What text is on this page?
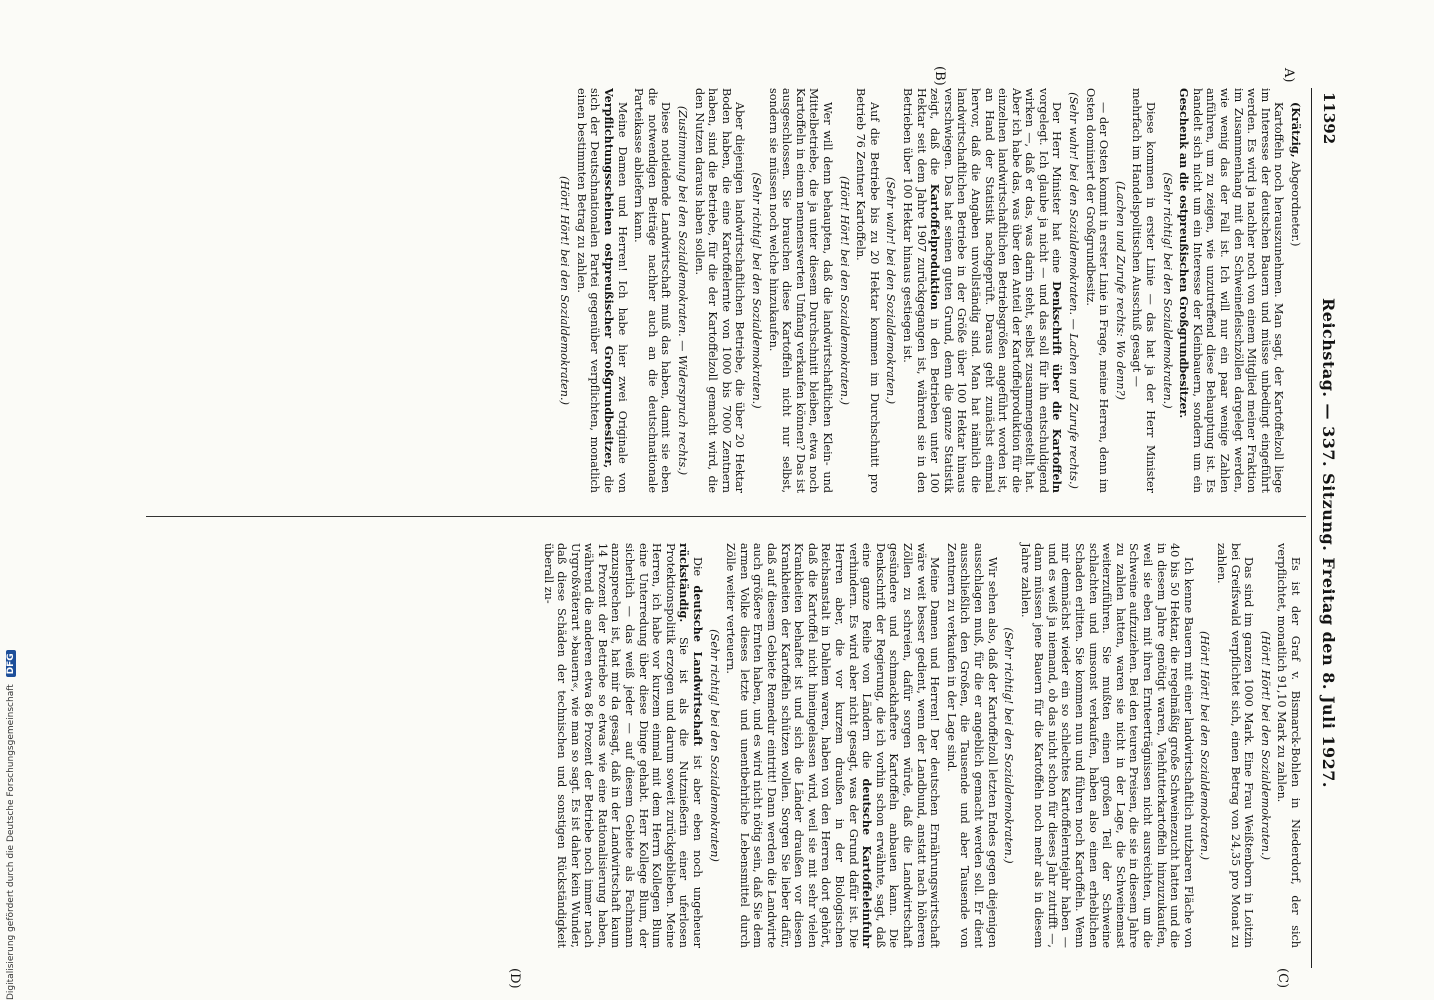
11392
Reichstag. — 337. Sitzung. Freitag den 8. Juli 1927.
A)
(B)
(C)
(D)

(Krätzig, Abgeordneter.)

Kartoffeln noch herauszunehmen. Man sagt, der Kartoffelzoll liege im Interesse der deutschen Bauern und müsse unbedingt eingeführt werden. Es wird ja nachher noch von einem Mitglied meiner Fraktion im Zusammenhang mit den Schweinefleischzöllen dargelegt werden, wie wenig das der Fall ist. Ich will nur ein paar wenige Zahlen anführen, um zu zeigen, wie unzutreffend diese Behauptung ist. Es handelt sich nicht um ein Interesse der Kleinbauern, sondern um ein Geschenk an die ostpreußischen Großgrundbesitzer.

(Sehr richtig! bei den Sozialdemokraten.)

Diese kommen in erster Linie — das hat ja der Herr Minister mehrfach im Handelspolitischen Ausschuß gesagt —

(Lachen und Zurufe rechts: Wo denn?)

— der Osten kommt in erster Linie in Frage, meine Herren, denn im Osten dominiert der Großgrundbesitz.

(Sehr wahr! bei den Sozialdemokraten. — Lachen und Zurufe rechts.)

Der Herr Minister hat eine Denkschrift über die Kartoffeln vorgelegt. Ich glaube ja nicht — und das soll für ihn entschuldigend wirken —, daß er das, was darin steht, selbst zusammengestellt hat. Aber ich habe das, was über den Anteil der Kartoffelproduktion für die einzelnen landwirtschaftlichen Betriebsgrößen angeführt worden ist, an Hand der Statistik nachgeprüft. Daraus geht zunächst einmal hervor, daß die Angaben unvollständig sind. Man hat nämlich die landwirtschaftlichen Betriebe in der Größe über 100 Hektar hinaus verschwiegen. Das hat seinen guten Grund, denn die ganze Statistik zeigt, daß die Kartoffelproduktion in den Betrieben unter 100 Hektar seit dem Jahre 1907 zurückgegangen ist, während sie in den Betrieben über 100 Hektar hinaus gestiegen ist.

(Sehr wahr! bei den Sozialdemokraten.)

Auf die Betriebe bis zu 20 Hektar kommen im Durchschnitt pro Betrieb 76 Zentner Kartoffeln.

(Hört! Hört! bei den Sozialdemokraten.)

Wer will denn behaupten, daß die landwirtschaftlichen Klein- und Mittelbetriebe, die ja unter diesem Durchschnitt bleiben, etwa noch Kartoffeln in einem nennenswerten Umfang verkaufen können? Das ist ausgeschlossen. Sie brauchen diese Kartoffeln nicht nur selbst, sondern sie müssen noch welche hinzukaufen.

(Sehr richtig! bei den Sozialdemokraten.)

Aber diejenigen landwirtschaftlichen Betriebe, die über 20 Hektar Boden haben, die eine Kartoffelernte von 1000 bis 7000 Zentnern haben, sind die Betriebe, für die der Kartoffelzoll gemacht wird, die den Nutzen daraus haben sollen.

(Zustimmung bei den Sozialdemokraten. — Widerspruch rechts.)

Diese notleidende Landwirtschaft muß das haben, damit sie eben die notwendigen Beiträge nachher auch an die deutschnationale Parteikasse abliefern kann.

Meine Damen und Herren! Ich habe hier zwei Originale von Verpflichtungsscheinen ostpreußischer Großgrundbesitzer, die sich der Deutschnationalen Partei gegenüber verpflichten, monatlich einen bestimmten Betrag zu zahlen.

(Hört! Hört! bei den Sozialdemokraten.)

Es ist der Graf v. Bismarck-Bohlen in Niederdorf, der sich verpflichtet, monatlich 91,10 Mark zu zahlen.

(Hört! Hört! bei den Sozialdemokraten.)

Das sind im ganzen 1000 Mark. Eine Frau Weißtenborn in Loitzin bei Greifswald verpflichtet sich, einen Betrag von 24,35 pro Monat zu zahlen.

(Hört! Hört! bei den Sozialdemokraten.)

Ich kenne Bauern mit einer landwirtschaftlich nutzbaren Fläche von 40 bis 50 Hektar, die regelmäßig große Schweinezucht hatten und die in diesem Jahre genötigt waren, Viehfutterkartoffeln hinzuzukaufen, weil sie eben mit ihren Ernteerträgnissen nicht ausreichten, um die Schweine aufzuziehen. Bei den teuren Preisen, die sie in diesem Jahre zu zahlen hatten, waren sie nicht in der Lage, die Schweinemast weiterzuführen. Sie mußten einen großen Teil der Schweine schlachten und umsonst verkaufen, haben also einen erheblichen Schaden erlitten. Sie kommen nun und führen noch Kartoffeln. Wenn mir demnächst wieder ein so schlechtes Kartoffelerntejahr haben — und es weiß ja niemand, ob das nicht schon für dieses Jahr zutrifft —, dann müssen jene Bauern für die Kartoffeln noch mehr als in diesem Jahre zahlen.

(Sehr richtig! bei den Sozialdemokraten.)

Wir sehen also, daß der Kartoffelzoll letzten Endes gegen diejenigen ausschlagen muß, für die er angeblich gemacht werden soll. Er dient ausschließlich den Großen, die Tausende und aber Tausende von Zentnern zu verkaufen in der Lage sind.

Meine Damen und Herren! Der deutschen Ernährungswirtschaft wäre weit besser gedient, wenn der Landbund, anstatt nach höheren Zöllen zu schreien, dafür sorgen würde, daß die Landwirtschaft gesündere und schmackhaftere Kartoffeln anbauen kann. Die Denkschrift der Regierung, die ich vorhin schon erwähnte, sagt, daß eine ganze Reihe von Ländern die deutsche Kartoffeleinfuhr verhindern. Es wird aber nicht gesagt, was der Grund dafür ist. Die Herren aber, die vor kurzem draußen in der Biologischen Reichsanstalt in Dahlem waren, haben von den Herren dort gehört, daß die Kartoffel nicht hineingelassen wird, weil sie mit sehr vielen Krankheiten behaftet ist und sich die Länder draußen vor diesen Krankheiten der Kartoffeln schützen wollen. Sorgen Sie lieber dafür, daß auf diesem Gebiete Remedur eintritt! Dann werden die Landwirte auch größere Ernten haben, und es wird nicht nötig sein, daß Sie dem armen Volke dieses letzte und unentbehrliche Lebensmittel durch Zölle weiter verteuern.

(Sehr richtig! bei den Sozialdemokraten)

Die deutsche Landwirtschaft ist aber eben noch ungeheuer rückständig. Sie ist als die Nutznießerin einer uferlosen Protektionspolitik erzogen und darum soweit zurückgeblieben. Meine Herren, ich habe vor kurzem einmal mit dem Herrn Kollegen Blum eine Unterredung über diese Dinge gehabt. Herr Kollege Blum, der sicherlich — das weiß jeder — auf diesem Gebiete als Fachmann anzusprechen ist, hat mir da gesagt, daß in der Landwirtschaft kaum 14 Prozent der Betriebe so etwas wie eine Rationalisierung haben, während die anderen etwa 86 Prozent der Betriebe noch immer nach Urgroßväterart »bauern«, wie man so sagt. Es ist daher kein Wunder, daß diese Schäden der technischen und sonstigen Rückständigkeit überall zu-

Digitalisierung gefördert durch die Deutsche Forschungsgemeinschaft DFG
